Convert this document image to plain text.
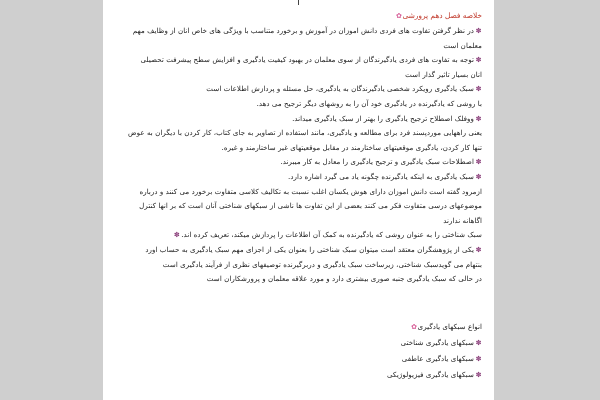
خلاصه فصل دهم پرورشی✿
✽در نظر گرفتن تفاوت های فردی دانش اموزان در آموزش و برخورد متناسب با ویژگی های خاص انان از وظایف مهم
معلمان است
✽توجه به تفاوت های فردی یادگیرندگان از سوی معلمان در بهبود کیفیت یادگیری و افزایش سطح پیشرفت تحصیلی
انان بسیار تاثیر گذار است
✽سبک یادگیری رویکرد شخصی یادگیرندگان به یادگیری، حل مسئله و پردازش اطلاعات است
با روشی که یادگیرنده در یادگیری خود آن را به روشهای دیگر ترجیح می دهد.
✽ووفلک اصطلاح ترجیح یادگیری را بهتر از سبک یادگیری میداند.
یعنی راههایی موردپسند فرد برای مطالعه و یادگیری، مانند استفاده از تصاویر به جای کتاب، کار کردن با دیگران به عوض
تنها کار کردن، یادگیری موقعیتهای ساختارمند در مقابل موقعیتهای غیر ساختارمند و غیره.
✽اصطلاحات سبک یادگیری و ترجیح یادگیری را معادل به کار میبرند.
✽سبک یادگیری به اینکه یادگیرنده چگونه یاد می گیرد اشاره دارد.
ازمرود گفته است دانش اموزان دارای هوش یکسان اغلب نسبت به تکالیف کلاسی متفاوت برخورد می کنند و درباره
موضوعهای درسی متفاوت فکر می کنند بعضی از این تفاوت ها ناشی از سبکهای شناختی آنان است که بر انها کنترل
اگاهانه ندارند
سبک شناختی را به عنوان روشی که یادگیرنده به کمک آن اطلاعات را پردازش میکند، تعریف کرده اند.✽
✽یکی از پژوهشگران معتقد است میتوان سبک شناختی را بعنوان یکی از اجزای مهم سبک یادگیری به حساب اورد
بنتهام می گویدسبک شناختی، زیرساخت سبک یادگیری و دربرگیرنده توصیفهای نظری از فرآیند یادگیری است
در حالی که سبک یادگیری جنبه صوری بیشتری دارد و مورد علاقه معلمان و پرورشکاران است
انواع سبکهای یادگیری✿
✽سبکهای یادگیری شناختی
✽سبکهای یادگیری عاطفی
✽سبکهای یادگیری فیزیولوژیکی
